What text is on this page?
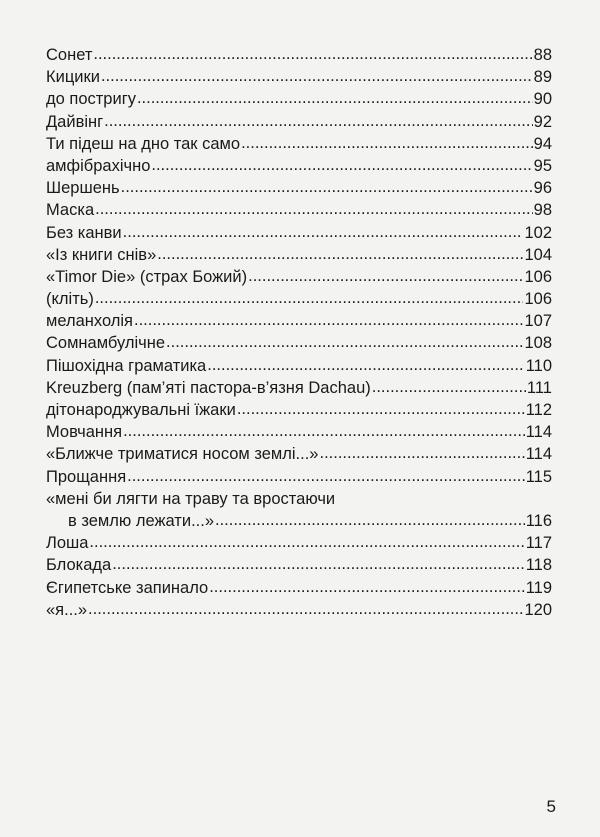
Сонет .....	88
Кицики .....	89
до постригу .....	90
Дайвінг .....	92
Ти підеш на дно так само .....	94
амфібрахічно .....	95
Шершень .....	96
Маска .....	98
Без канви .....	102
«Із книги снів» .....	104
«Timor Die» (страх Божий) .....	106
(кліть) .....	106
меланхолія .....	107
Сомнамбулічне .....	108
Пішохідна граматика .....	110
Kreuzberg (пам’яті пастора-в’язня Dachau) .....	111
дітонароджувальні їжаки .....	112
Мовчання .....	114
«Ближче триматися носом землі...» .....	114
Прощання .....	115
«мені би лягти на траву та вростаючи
в землю лежати...» .....	116
Лоша .....	117
Блокада .....	118
Єгипетське запинало .....	119
«я...» .....	120
5
